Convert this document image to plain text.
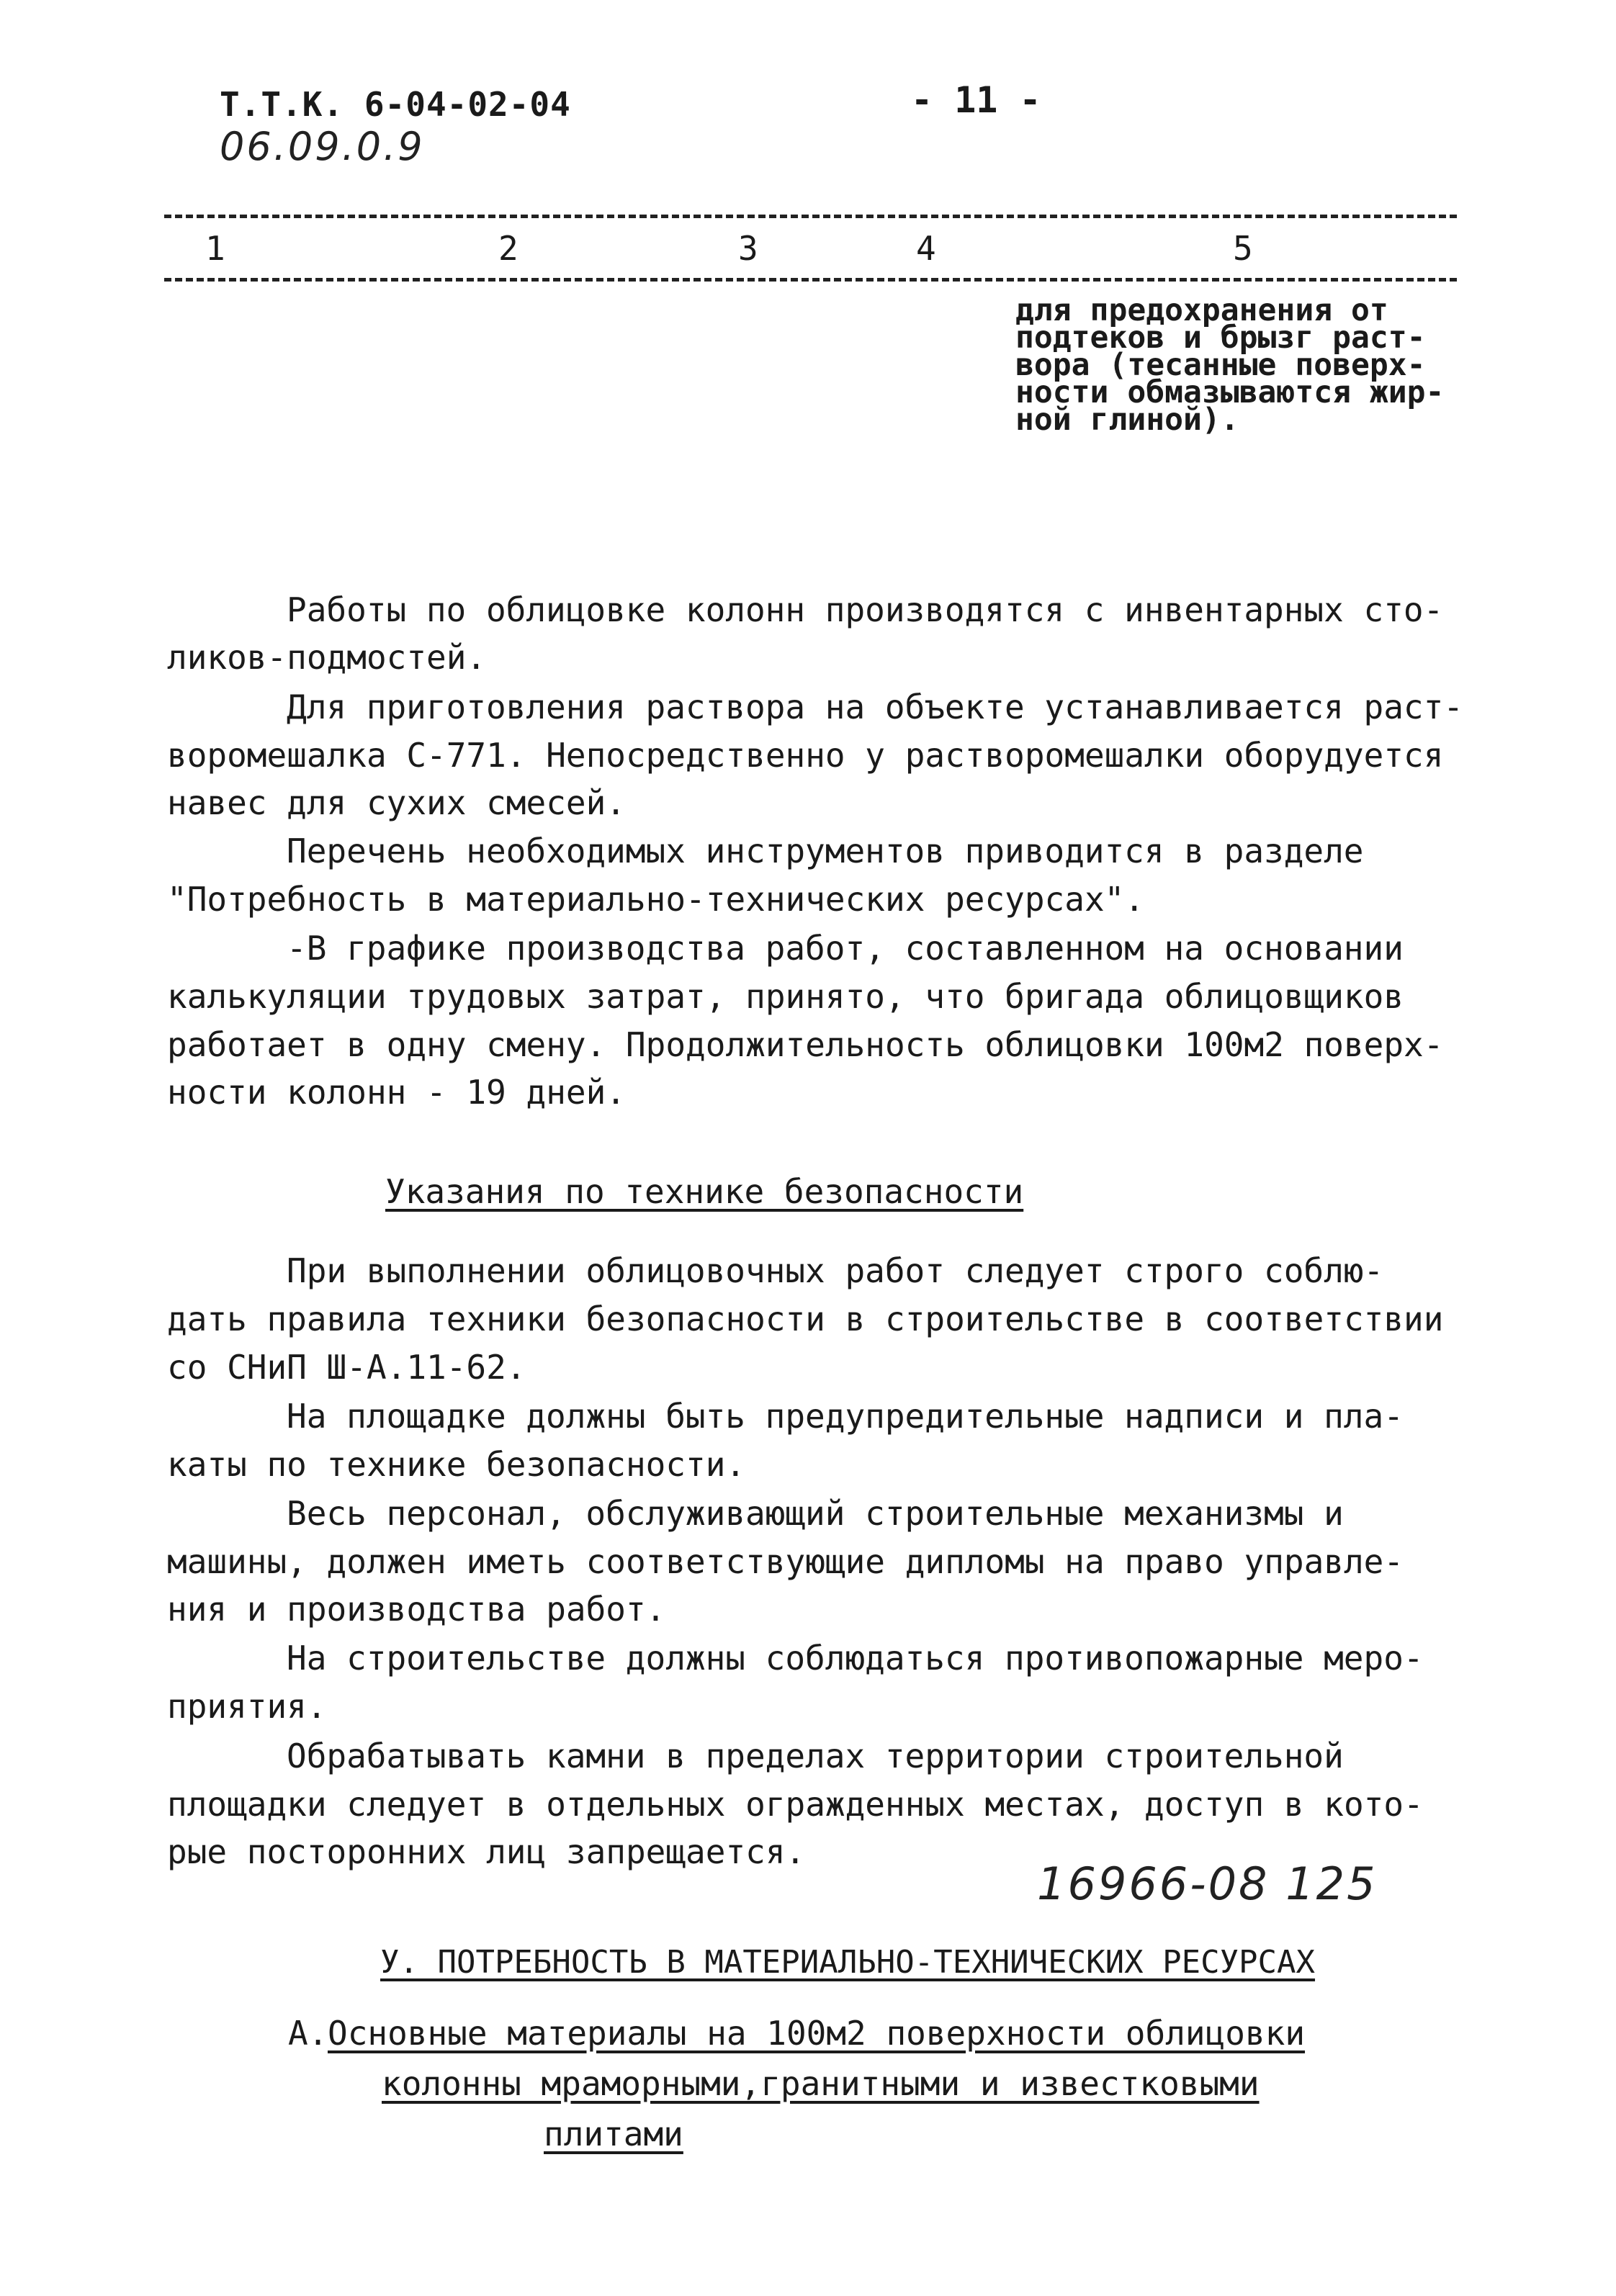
Т.Т.К. 6-04-02-04
06.09.0.9
- 11 -
1	2	3	4	5
для предохранения от
подтеков и брызг раст-
вора (тесанные поверх-
ности обмазываются жир-
ной глиной).
Работы по облицовке колонн производятся с инвентарных сто-
ликов-подмостей.
Для приготовления раствора на объекте устанавливается раст-
воромешалка С-771. Непосредственно у растворомешалки оборудуется
навес для сухих смесей.
Перечень необходимых инструментов приводится в разделе
"Потребность в материально-технических ресурсах".
-В графике производства работ, составленном на основании
калькуляции трудовых затрат, принято, что бригада облицовщиков
работает в одну смену. Продолжительность облицовки 100м2 поверх-
ности колонн - 19 дней.
Указания по технике безопасности
При выполнении облицовочных работ следует строго соблю-
дать правила техники безопасности в строительстве в соответствии
со СНиП Ш-А.11-62.
На площадке должны быть предупредительные надписи и пла-
каты по технике безопасности.
Весь персонал, обслуживающий строительные механизмы и
машины, должен иметь соответствующие дипломы на право управле-
ния и производства работ.
На строительстве должны соблюдаться противопожарные меро-
приятия.
Обрабатывать камни в пределах территории строительной
площадки следует в отдельных огражденных местах, доступ в кото-
рые посторонних лиц запрещается.
16966-08 125
У. ПОТРЕБНОСТЬ В МАТЕРИАЛЬНО-ТЕХНИЧЕСКИХ РЕСУРСАХ
А. Основные материалы на 100м2 поверхности облицовки
колонны мраморными,гранитными и известковыми
плитами
